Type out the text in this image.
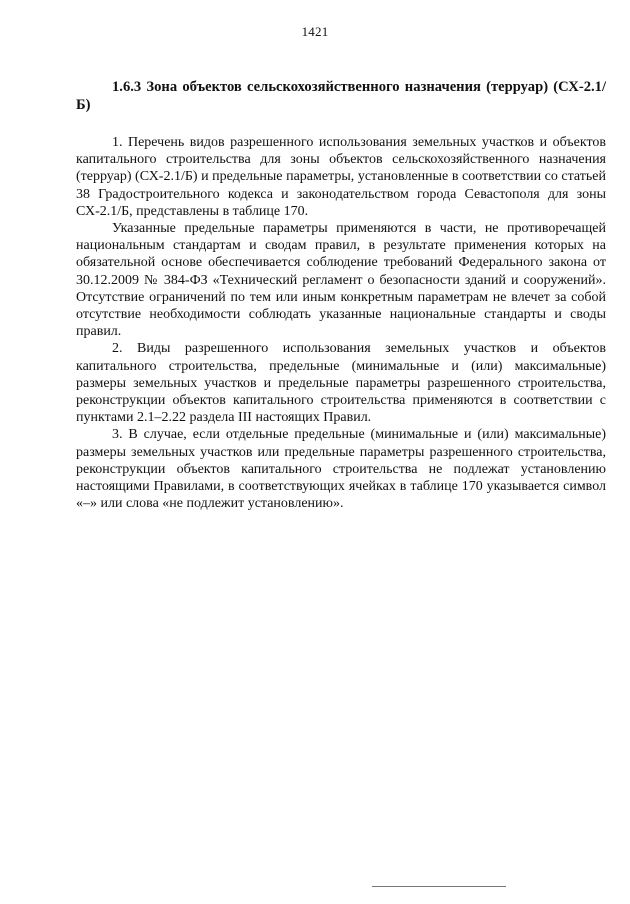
1421

1.6.3 Зона объектов сельскохозяйственного назначения (терруар) (СХ-2.1/Б)

1. Перечень видов разрешенного использования земельных участков и объектов капитального строительства для зоны объектов сельскохозяйственного назначения (терруар) (СХ-2.1/Б) и предельные параметры, установленные в соответствии со статьей 38 Градостроительного кодекса и законодательством города Севастополя для зоны СХ-2.1/Б, представлены в таблице 170.

Указанные предельные параметры применяются в части, не противоречащей национальным стандартам и сводам правил, в результате применения которых на обязательной основе обеспечивается соблюдение требований Федерального закона от 30.12.2009 № 384-ФЗ «Технический регламент о безопасности зданий и сооружений». Отсутствие ограничений по тем или иным конкретным параметрам не влечет за собой отсутствие необходимости соблюдать указанные национальные стандарты и своды правил.

2. Виды разрешенного использования земельных участков и объектов капитального строительства, предельные (минимальные и (или) максимальные) размеры земельных участков и предельные параметры разрешенного строительства, реконструкции объектов капитального строительства применяются в соответствии с пунктами 2.1–2.22 раздела III настоящих Правил.

3. В случае, если отдельные предельные (минимальные и (или) максимальные) размеры земельных участков или предельные параметры разрешенного строительства, реконструкции объектов капитального строительства не подлежат установлению настоящими Правилами, в соответствующих ячейках в таблице 170 указывается символ «–» или слова «не подлежит установлению».
